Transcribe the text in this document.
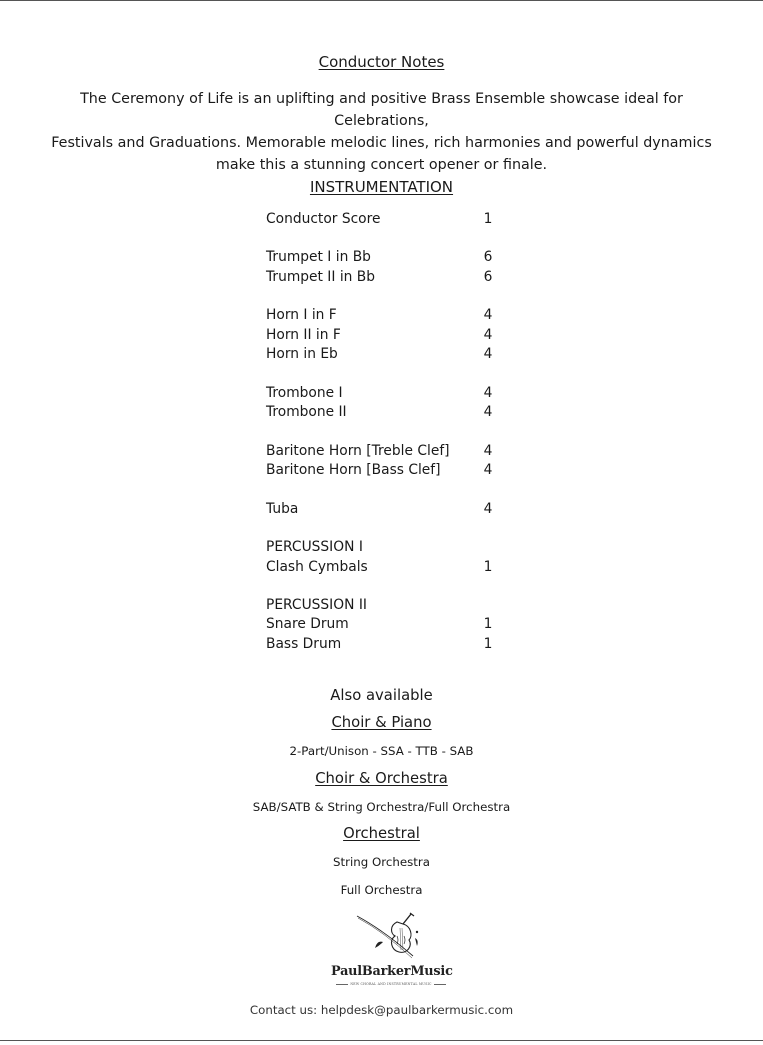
Conductor Notes
The Ceremony of Life is an uplifting and positive Brass Ensemble showcase ideal for Celebrations,
Festivals and Graduations. Memorable melodic lines, rich harmonies and powerful dynamics
make this a stunning concert opener or finale.
INSTRUMENTATION
Conductor Score	1
Trumpet I in Bb	6
Trumpet II in Bb	6
Horn I in F	4
Horn II in F	4
Horn in Eb	4
Trombone I	4
Trombone II	4
Baritone Horn [Treble Clef] 4
Baritone Horn [Bass Clef]	4
Tuba	4
PERCUSSION I
Clash Cymbals	1
PERCUSSION II
Snare Drum	1
Bass Drum	1
Also available
Choir & Piano
2-Part/Unison - SSA - TTB - SAB
Choir & Orchestra
SAB/SATB & String Orchestra/Full Orchestra
Orchestral
String Orchestra
Full Orchestra
PaulBarkerMusic
NEW CHORAL AND INSTRUMENTAL MUSIC
Contact us: helpdesk@paulbarkermusic.com
